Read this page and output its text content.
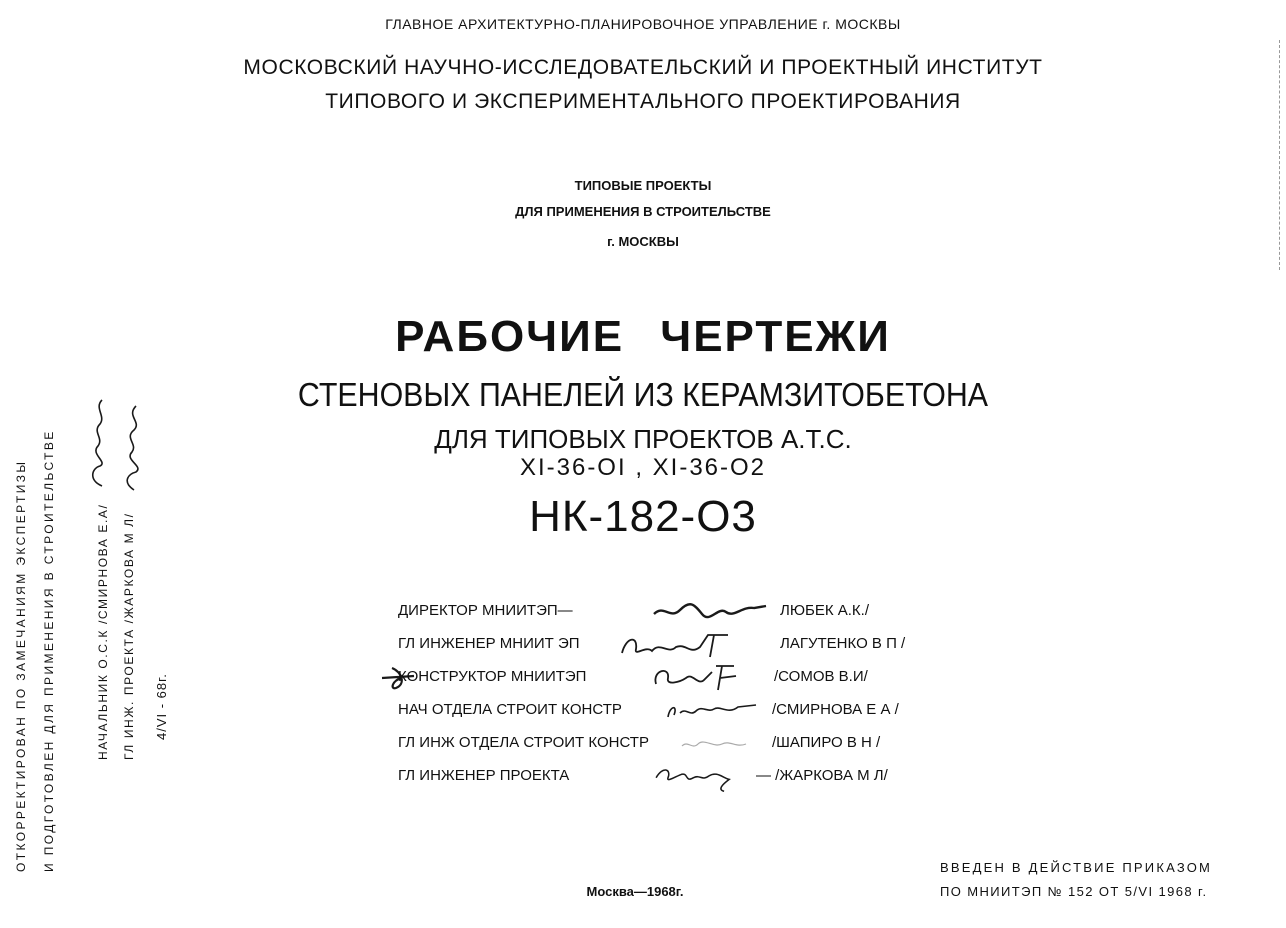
ГЛАВНОЕ АРХИТЕКТУРНО-ПЛАНИРОВОЧНОЕ УПРАВЛЕНИЕ г. МОСКВЫ
МОСКОВСКИЙ НАУЧНО-ИССЛЕДОВАТЕЛЬСКИЙ И ПРОЕКТНЫЙ ИНСТИТУТ
ТИПОВОГО И ЭКСПЕРИМЕНТАЛЬНОГО ПРОЕКТИРОВАНИЯ
ТИПОВЫЕ ПРОЕКТЫ
ДЛЯ ПРИМЕНЕНИЯ В СТРОИТЕЛЬСТВЕ
г. МОСКВЫ
РАБОЧИЕ ЧЕРТЕЖИ
СТЕНОВЫХ ПАНЕЛЕЙ ИЗ КЕРАМЗИТОБЕТОНА
ДЛЯ ТИПОВЫХ ПРОЕКТОВ А.Т.С.
XI-36-OI , XI-36-O2
НК-182-О3
ДИРЕКТОР МНИИТЭП—	ЛЮБЕК А.К./
ГЛ ИНЖЕНЕР МНИИТ ЭП	ЛАГУТЕНКО В П /
КОНСТРУКТОР МНИИТЭП	/СОМОВ В.И/
НАЧ ОТДЕЛА СТРОИТ КОНСТР	/СМИРНОВА Е А /
ГЛ ИНЖ ОТДЕЛА СТРОИТ КОНСТР	/ШАПИРО В Н /
ГЛ ИНЖЕНЕР ПРОЕКТА	— /ЖАРКОВА М Л/
ОТКОРРЕКТИРОВАН ПО ЗАМЕЧАНИЯМ ЭКСПЕРТИЗЫ И ПОДГОТОВЛЕН ДЛЯ ПРИМЕНЕНИЯ В СТРОИТЕЛЬСТВЕ	НАЧАЛЬНИК О.С.К /СМИРНОВА Е.А/ ГЛ ИНЖ. ПРОЕКТА /ЖАРКОВА М Л/ 4/VI - 68г.
Москва—1968г.
ВВЕДЕН В ДЕЙСТВИЕ ПРИКАЗОМ
ПО МНИИТЭП № 152 ОТ 5/VI 1968 г.
